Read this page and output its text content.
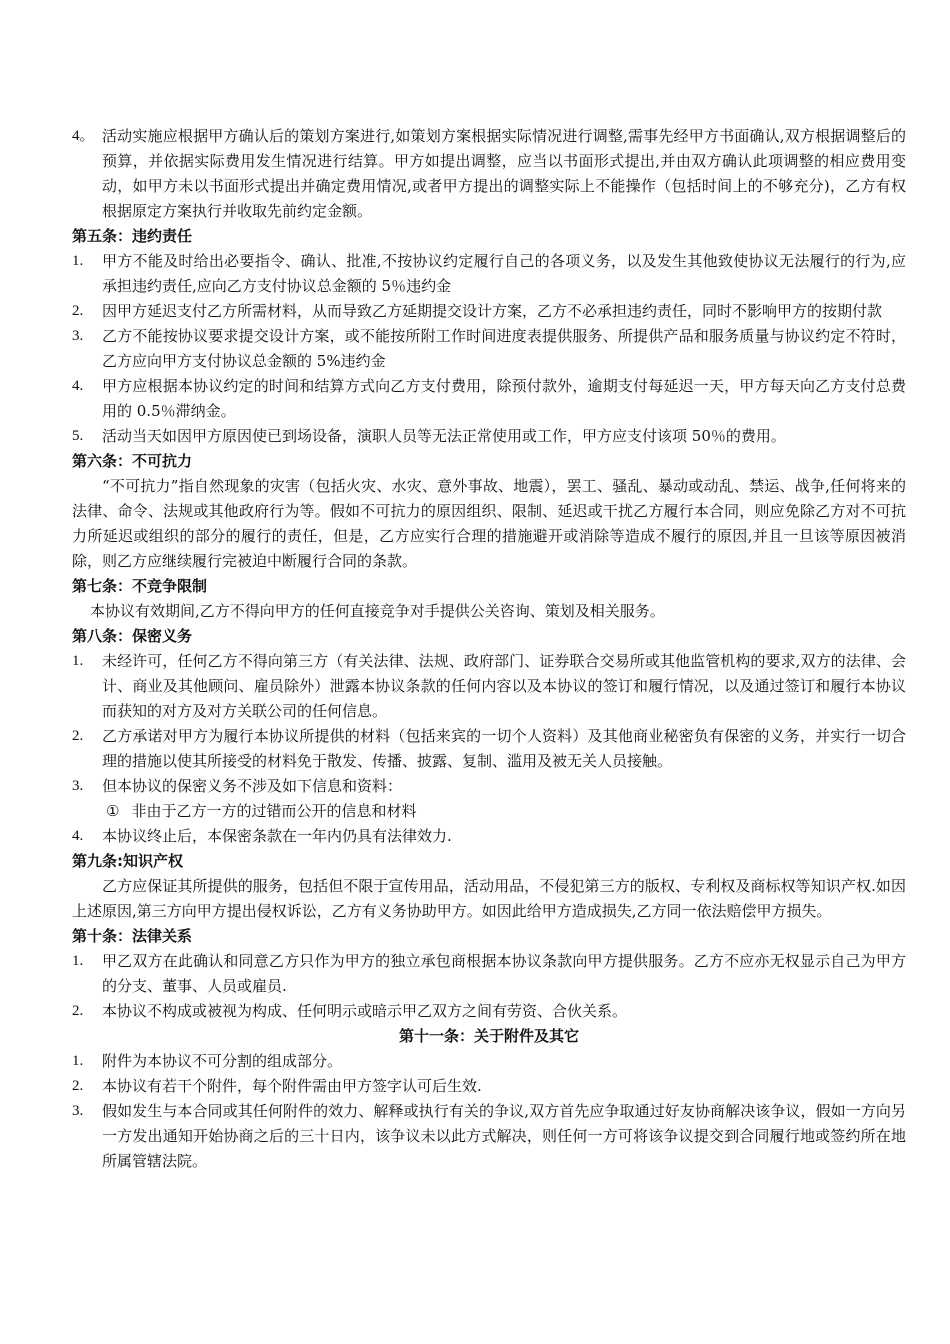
4。 活动实施应根据甲方确认后的策划方案进行,如策划方案根据实际情况进行调整,需事先经甲方书面确认,双方根据调整后的预算，并依据实际费用发生情况进行结算。甲方如提出调整，应当以书面形式提出,并由双方确认此项调整的相应费用变动，如甲方未以书面形式提出并确定费用情况,或者甲方提出的调整实际上不能操作（包括时间上的不够充分)，乙方有权根据原定方案执行并收取先前约定金额。

第五条：违约责任

1. 甲方不能及时给出必要指令、确认、批准,不按协议约定履行自己的各项义务，以及发生其他致使协议无法履行的行为,应承担违约责任,应向乙方支付协议总金额的 5％违约金

2. 因甲方延迟支付乙方所需材料，从而导致乙方延期提交设计方案，乙方不必承担违约责任，同时不影响甲方的按期付款

3. 乙方不能按协议要求提交设计方案，或不能按所附工作时间进度表提供服务、所提供产品和服务质量与协议约定不符时，乙方应向甲方支付协议总金额的 5%违约金

4. 甲方应根据本协议约定的时间和结算方式向乙方支付费用，除预付款外，逾期支付每延迟一天，甲方每天向乙方支付总费用的 0.5％滞纳金。

5. 活动当天如因甲方原因使已到场设备，演职人员等无法正常使用或工作，甲方应支付该项 50％的费用。

第六条：不可抗力

“不可抗力”指自然现象的灾害（包括火灾、水灾、意外事故、地震），罢工、骚乱、暴动或动乱、禁运、战争,任何将来的法律、命令、法规或其他政府行为等。假如不可抗力的原因组织、限制、延迟或干扰乙方履行本合同，则应免除乙方对不可抗力所延迟或组织的部分的履行的责任，但是，乙方应实行合理的措施避开或消除等造成不履行的原因,并且一旦该等原因被消除，则乙方应继续履行完被迫中断履行合同的条款。

第七条：不竞争限制

本协议有效期间,乙方不得向甲方的任何直接竞争对手提供公关咨询、策划及相关服务。

第八条：保密义务

1. 未经许可，任何乙方不得向第三方（有关法律、法规、政府部门、证券联合交易所或其他监管机构的要求,双方的法律、会计、商业及其他顾问、雇员除外）泄露本协议条款的任何内容以及本协议的签订和履行情况，以及通过签订和履行本协议而获知的对方及对方关联公司的任何信息。

2. 乙方承诺对甲方为履行本协议所提供的材料（包括来宾的一切个人资料）及其他商业秘密负有保密的义务，并实行一切合理的措施以使其所接受的材料免于散发、传播、披露、复制、滥用及被无关人员接触。

3. 但本协议的保密义务不涉及如下信息和资料：

① 非由于乙方一方的过错而公开的信息和材料

4. 本协议终止后，本保密条款在一年内仍具有法律效力.

第九条:知识产权

乙方应保证其所提供的服务，包括但不限于宣传用品，活动用品，不侵犯第三方的版权、专利权及商标权等知识产权.如因上述原因,第三方向甲方提出侵权诉讼，乙方有义务协助甲方。如因此给甲方造成损失,乙方同一依法赔偿甲方损失。

第十条：法律关系

1. 甲乙双方在此确认和同意乙方只作为甲方的独立承包商根据本协议条款向甲方提供服务。乙方不应亦无权显示自己为甲方的分支、董事、人员或雇员.

2. 本协议不构成或被视为构成、任何明示或暗示甲乙双方之间有劳资、合伙关系。

第十一条：关于附件及其它

1. 附件为本协议不可分割的组成部分。

2. 本协议有若干个附件，每个附件需由甲方签字认可后生效.

3. 假如发生与本合同或其任何附件的效力、解释或执行有关的争议,双方首先应争取通过好友协商解决该争议，假如一方向另一方发出通知开始协商之后的三十日内，该争议未以此方式解决，则任何一方可将该争议提交到合同履行地或签约所在地所属管辖法院。
